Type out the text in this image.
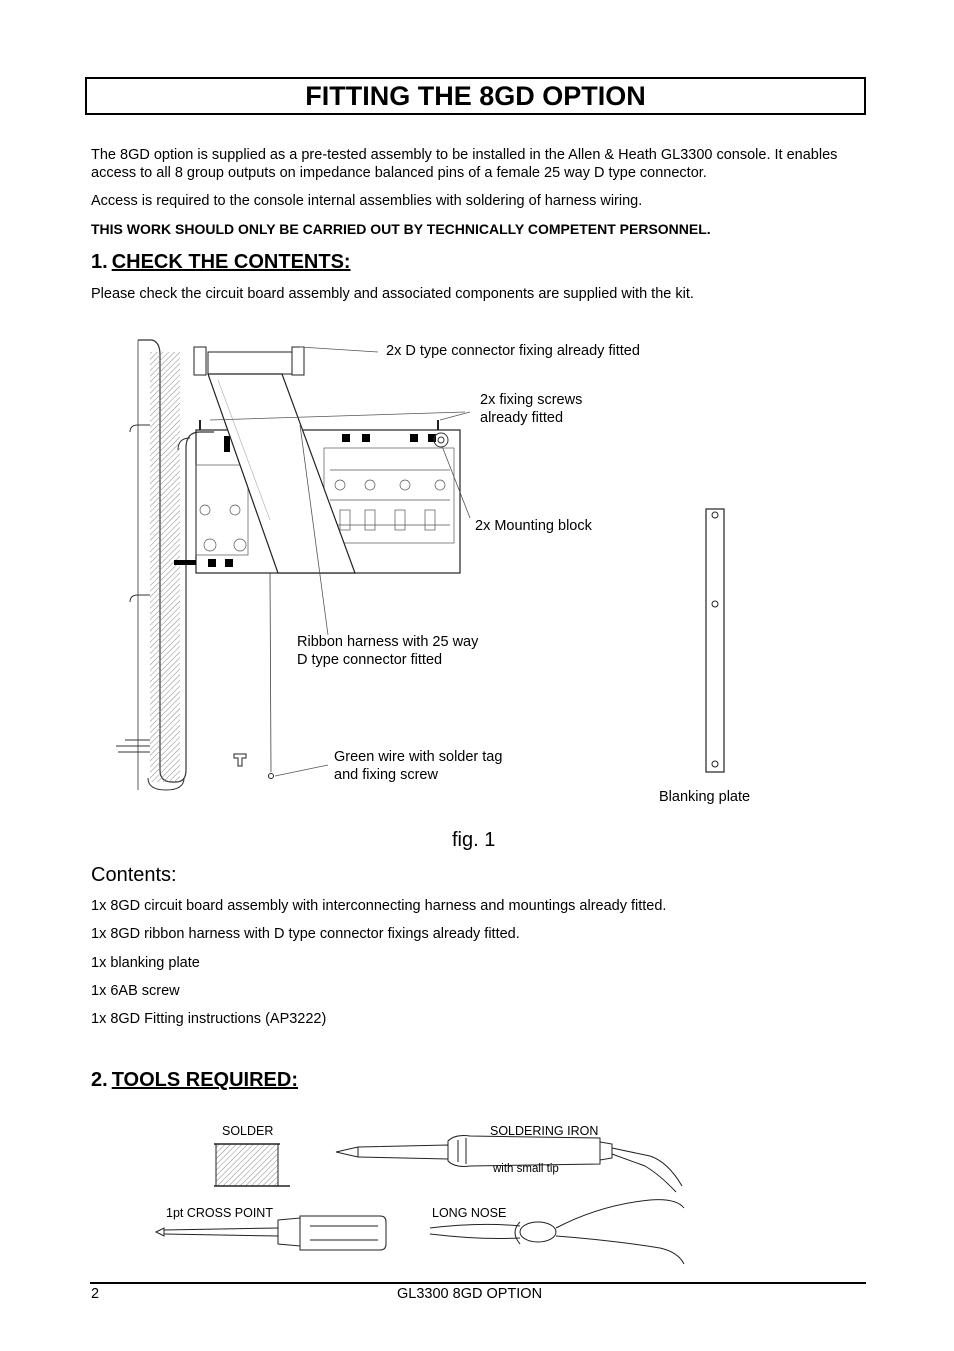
FITTING THE 8GD OPTION
The 8GD option is supplied as a pre-tested assembly to be installed in the Allen & Heath GL3300 console. It enables access to all 8 group outputs on impedance balanced pins of a female 25 way D type connector.
Access is required to the console internal assemblies with soldering of harness wiring.
THIS WORK SHOULD ONLY BE CARRIED OUT BY TECHNICALLY COMPETENT PERSONNEL.
1. CHECK THE CONTENTS:
Please check the circuit board assembly and associated components are supplied with the kit.
2x D type connector fixing already fitted
2x fixing screws
already fitted
2x Mounting block
Ribbon harness with 25 way
D type connector fitted
Green wire with solder tag
and fixing screw
Blanking plate
fig. 1
Contents:
1x 8GD circuit board assembly with interconnecting harness and mountings already fitted.
1x 8GD ribbon harness with D type connector fixings already fitted.
1x blanking plate
1x 6AB screw
1x 8GD Fitting instructions (AP3222)
2. TOOLS REQUIRED:
SOLDER	SOLDERING IRON
with small tip
1pt CROSS POINT	LONG NOSE
2	GL3300 8GD OPTION
